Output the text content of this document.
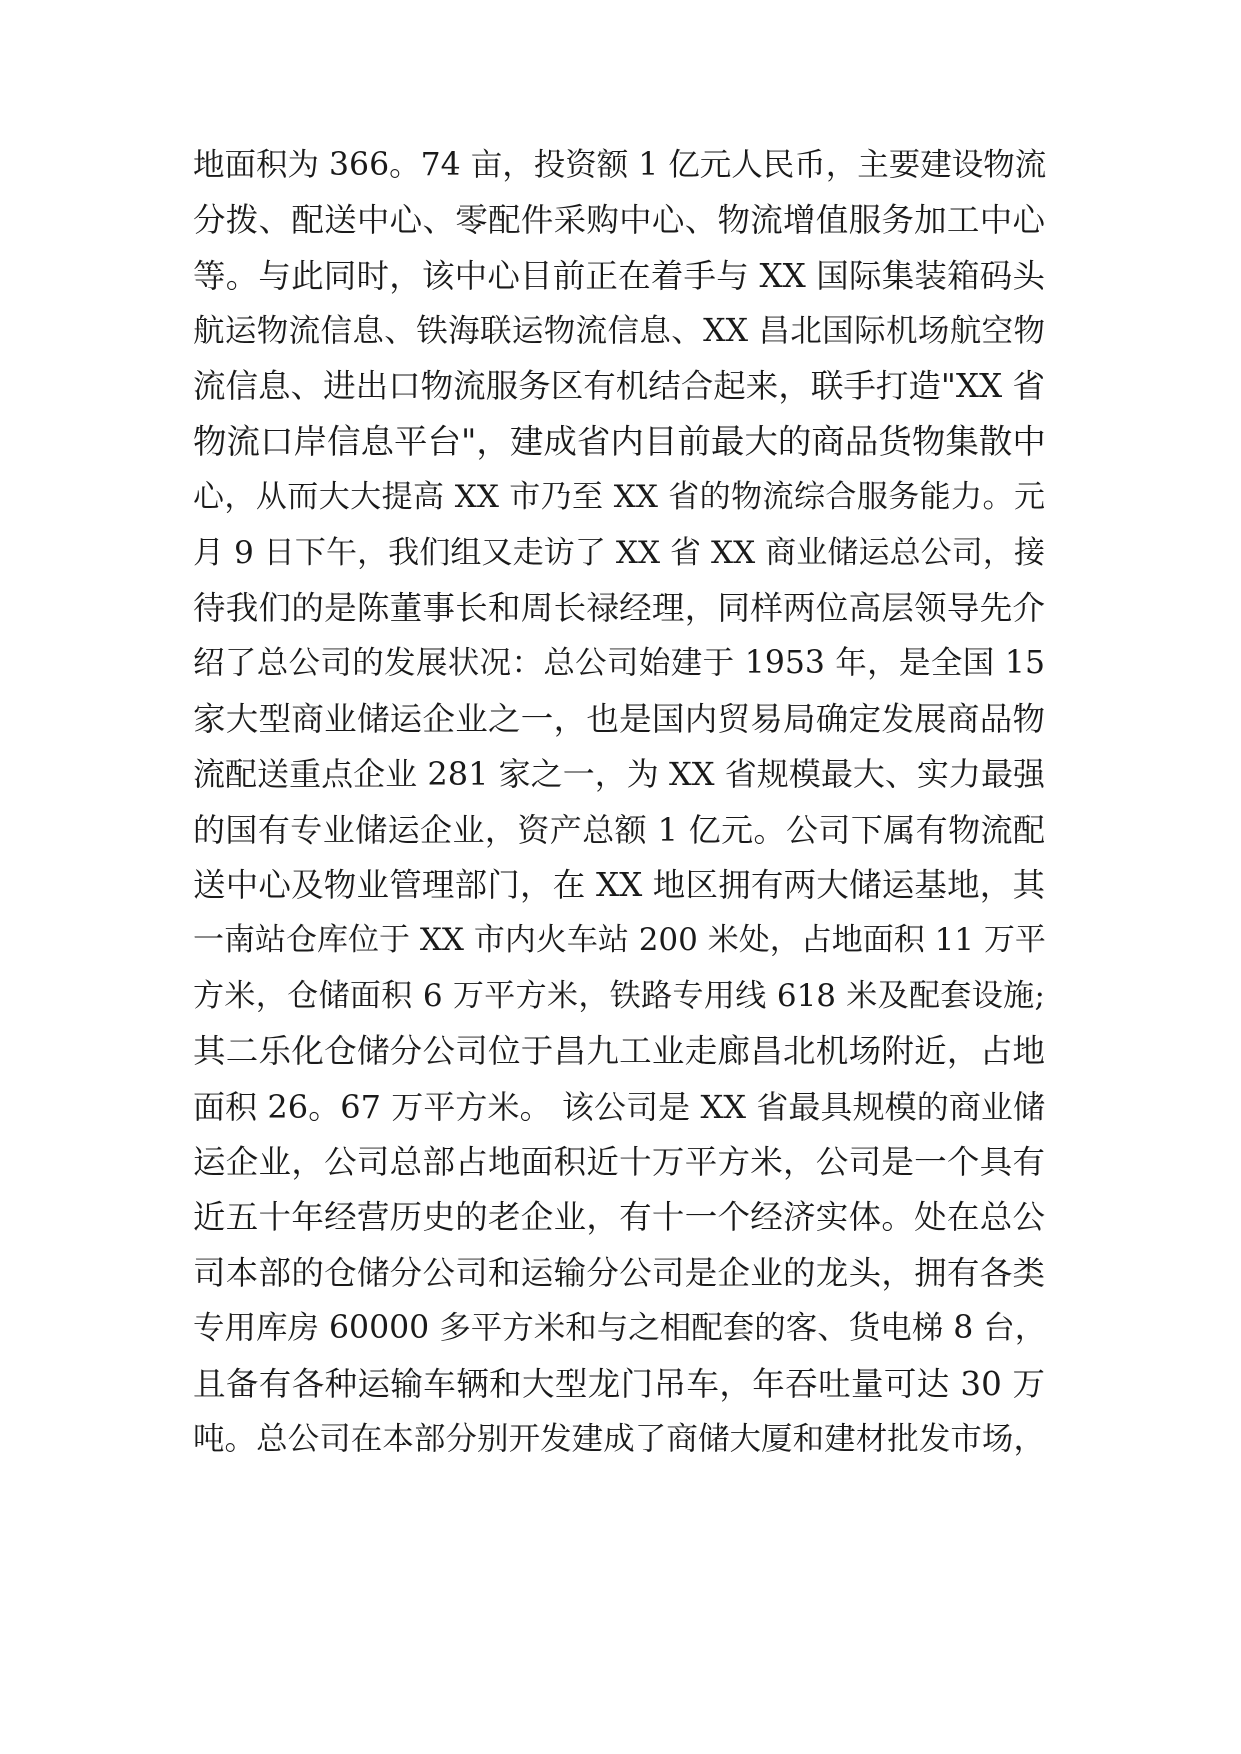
地面积为 366。74 亩，投资额 1 亿元人民币，主要建设物流
分拨、配送中心、零配件采购中心、物流增值服务加工中心
等。与此同时，该中心目前正在着手与 XX 国际集装箱码头
航运物流信息、铁海联运物流信息、XX 昌北国际机场航空物
流信息、进出口物流服务区有机结合起来，联手打造"XX 省
物流口岸信息平台"，建成省内目前最大的商品货物集散中
心，从而大大提高 XX 市乃至 XX 省的物流综合服务能力。元
月 9 日下午，我们组又走访了 XX 省 XX 商业储运总公司，接
待我们的是陈董事长和周长禄经理，同样两位高层领导先介
绍了总公司的发展状况：总公司始建于 1953 年，是全国 15
家大型商业储运企业之一，也是国内贸易局确定发展商品物
流配送重点企业 281 家之一，为 XX 省规模最大、实力最强
的国有专业储运企业，资产总额 1 亿元。公司下属有物流配
送中心及物业管理部门，在 XX 地区拥有两大储运基地，其
一南站仓库位于 XX 市内火车站 200 米处，占地面积 11 万平
方米，仓储面积 6 万平方米，铁路专用线 618 米及配套设施;
其二乐化仓储分公司位于昌九工业走廊昌北机场附近，占地
面积 26。67 万平方米。 该公司是 XX 省最具规模的商业储
运企业，公司总部占地面积近十万平方米，公司是一个具有
近五十年经营历史的老企业，有十一个经济实体。处在总公
司本部的仓储分公司和运输分公司是企业的龙头，拥有各类
专用库房 60000 多平方米和与之相配套的客、货电梯 8 台，
且备有各种运输车辆和大型龙门吊车，年吞吐量可达 30 万
吨。总公司在本部分别开发建成了商储大厦和建材批发市场，
